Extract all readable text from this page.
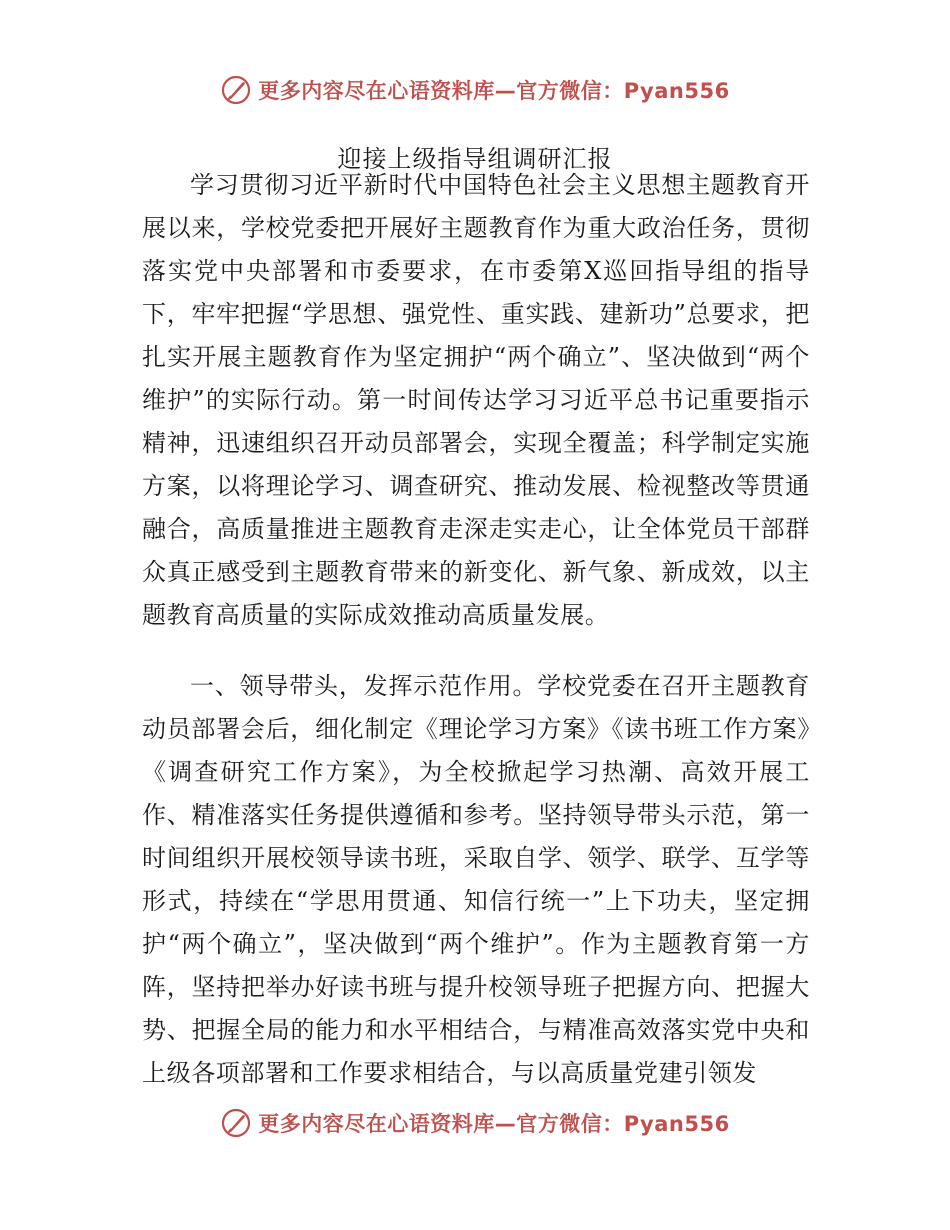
更多内容尽在心语资料库—官方微信：Pyan556
迎接上级指导组调研汇报

学习贯彻习近平新时代中国特色社会主义思想主题教育开展以来，学校党委把开展好主题教育作为重大政治任务，贯彻落实党中央部署和市委要求，在市委第X巡回指导组的指导下，牢牢把握“学思想、强党性、重实践、建新功”总要求，把扎实开展主题教育作为坚定拥护“两个确立”、坚决做到“两个维护”的实际行动。第一时间传达学习习近平总书记重要指示精神，迅速组织召开动员部署会，实现全覆盖；科学制定实施方案，以将理论学习、调查研究、推动发展、检视整改等贯通融合，高质量推进主题教育走深走实走心，让全体党员干部群众真正感受到主题教育带来的新变化、新气象、新成效，以主题教育高质量的实际成效推动高质量发展。

一、领导带头，发挥示范作用。学校党委在召开主题教育动员部署会后，细化制定《理论学习方案》《读书班工作方案》《调查研究工作方案》，为全校掀起学习热潮、高效开展工作、精准落实任务提供遵循和参考。坚持领导带头示范，第一时间组织开展校领导读书班，采取自学、领学、联学、互学等形式，持续在“学思用贯通、知信行统一”上下功夫，坚定拥护“两个确立”，坚决做到“两个维护”。作为主题教育第一方阵，坚持把举办好读书班与提升校领导班子把握方向、把握大势、把握全局的能力和水平相结合，与精准高效落实党中央和上级各项部署和工作要求相结合，与以高质量党建引领发

更多内容尽在心语资料库—官方微信：Pyan556
